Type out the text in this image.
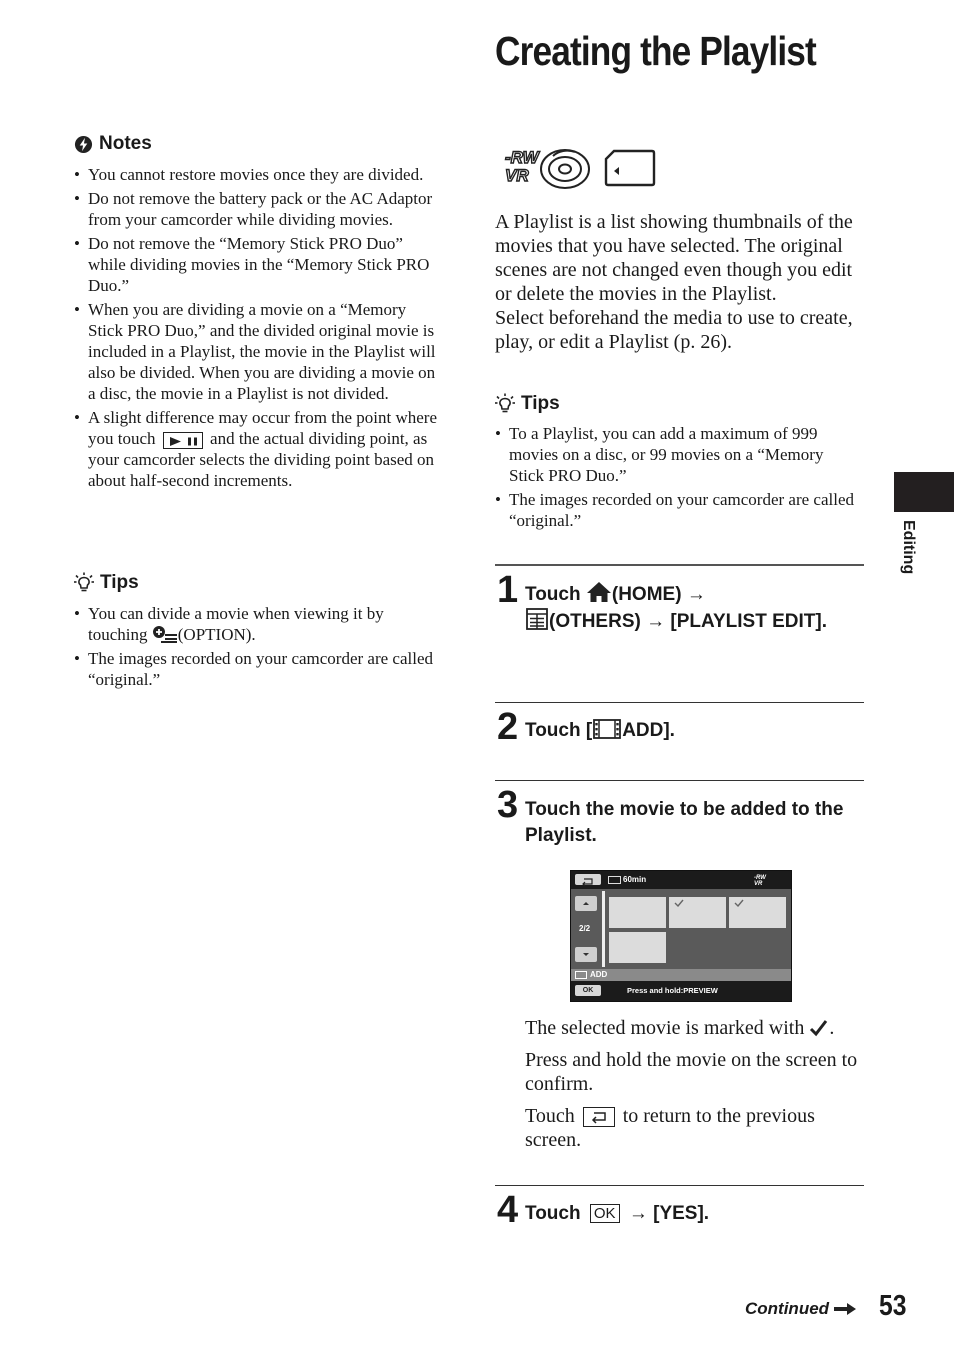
Creating the Playlist
Notes
• You cannot restore movies once they are divided.
• Do not remove the battery pack or the AC Adaptor from your camcorder while dividing movies.
• Do not remove the “Memory Stick PRO Duo” while dividing movies in the “Memory Stick PRO Duo.”
• When you are dividing a movie on a “Memory Stick PRO Duo,” and the divided original movie is included in a Playlist, the movie in the Playlist will also be divided. When you are dividing a movie on a disc, the movie in a Playlist is not divided.
• A slight difference may occur from the point where you touch	and the actual dividing point, as your camcorder selects the dividing point based on about half-second increments.
Tips
• You can divide a movie when viewing it by touching (OPTION).
• The images recorded on your camcorder are called “original.”
-RW
VR
A Playlist is a list showing thumbnails of the movies that you have selected. The original scenes are not changed even though you edit or delete the movies in the Playlist.
Select beforehand the media to use to create, play, or edit a Playlist (p. 26).
Tips
• To a Playlist, you can add a maximum of 999 movies on a disc, or 99 movies on a “Memory Stick PRO Duo.”
• The images recorded on your camcorder are called “original.”
1 Touch (HOME) →
(OTHERS) → [PLAYLIST EDIT].
2 Touch [ ADD].
3 Touch the movie to be added to the Playlist.
60min	-RW VR
2/2
ADD
OK	Press and hold:PREVIEW
The selected movie is marked with .
Press and hold the movie on the screen to confirm.
Touch to return to the previous screen.
4 Touch OK → [YES].
Editing
Continued 53
